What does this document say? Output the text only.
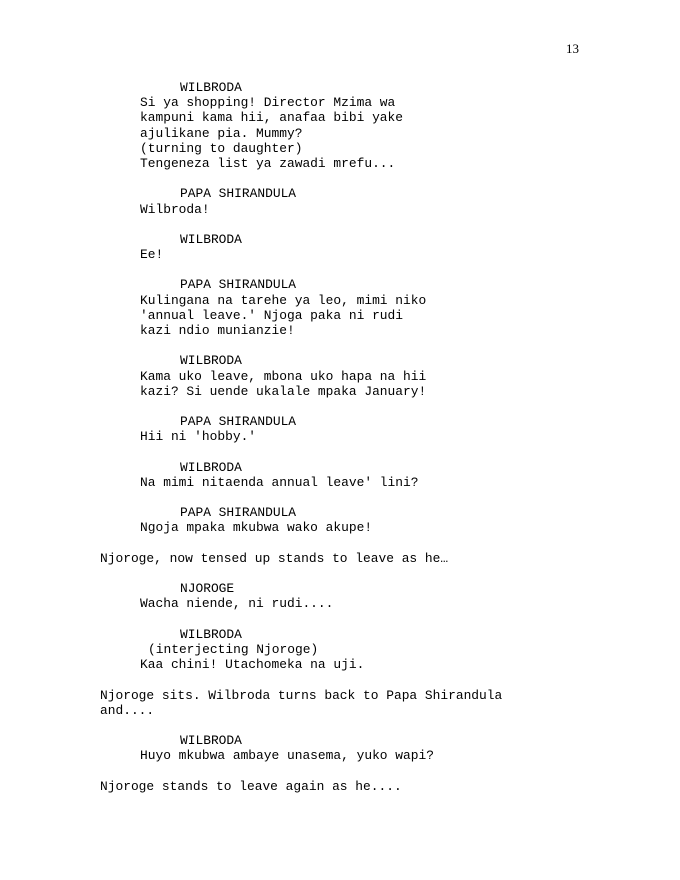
13
WILBRODA
Si ya shopping! Director Mzima wa
kampuni kama hii, anafaa bibi yake
ajulikane pia. Mummy?
(turning to daughter)
Tengeneza list ya zawadi mrefu...
PAPA SHIRANDULA
Wilbroda!
WILBRODA
Ee!
PAPA SHIRANDULA
Kulingana na tarehe ya leo, mimi niko
'annual leave.' Njoga paka ni rudi
kazi ndio munianzie!
WILBRODA
Kama uko leave, mbona uko hapa na hii
kazi? Si uende ukalale mpaka January!
PAPA SHIRANDULA
Hii ni 'hobby.'
WILBRODA
Na mimi nitaenda annual leave' lini?
PAPA SHIRANDULA
Ngoja mpaka mkubwa wako akupe!
Njoroge, now tensed up stands to leave as he…
NJOROGE
Wacha niende, ni rudi....
WILBRODA
(interjecting Njoroge)
Kaa chini! Utachomeka na uji.
Njoroge sits. Wilbroda turns back to Papa Shirandula
and....
WILBRODA
Huyo mkubwa ambaye unasema, yuko wapi?
Njoroge stands to leave again as he....
